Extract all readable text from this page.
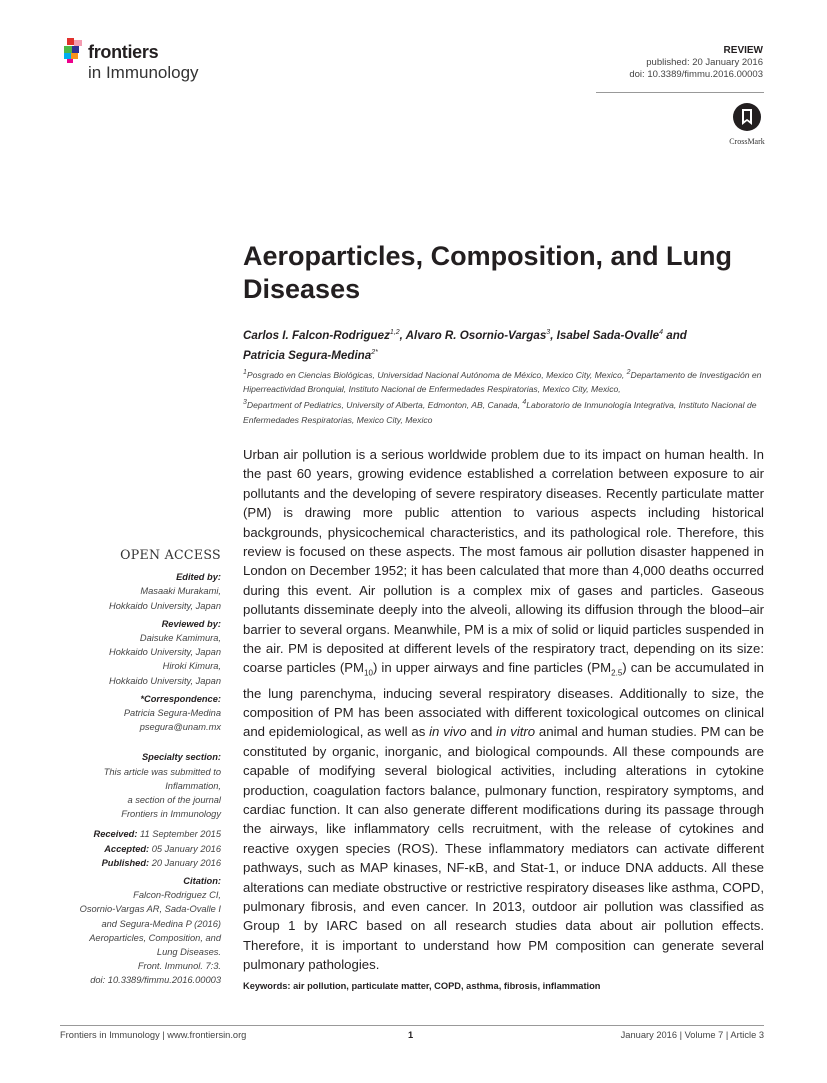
frontiers
in Immunology
REVIEW
published: 20 January 2016
doi: 10.3389/fimmu.2016.00003
CrossMark
Aeroparticles, Composition, and Lung Diseases
Carlos I. Falcon-Rodriguez$^{1,2}$, Alvaro R. Osornio-Vargas$^3$, Isabel Sada-Ovalle$^4$ and
Patricia Segura-Medina$^{2*}$
$^1$Posgrado en Ciencias Biológicas, Universidad Nacional Autónoma de México, Mexico City, Mexico, $^2$Departamento de Investigación en Hiperreactividad Bronquial, Instituto Nacional de Enfermedades Respiratorias, Mexico City, Mexico,
$^3$Department of Pediatrics, University of Alberta, Edmonton, AB, Canada, $^4$Laboratorio de Inmunología Integrativa, Instituto Nacional de Enfermedades Respiratorias, Mexico City, Mexico
Urban air pollution is a serious worldwide problem due to its impact on human health. In the past 60 years, growing evidence established a correlation between exposure to air pollutants and the developing of severe respiratory diseases. Recently particulate matter (PM) is drawing more public attention to various aspects including historical backgrounds, physicochemical characteristics, and its pathological role. Therefore, this review is focused on these aspects. The most famous air pollution disaster happened in London on December 1952; it has been calculated that more than 4,000 deaths occurred during this event. Air pollution is a complex mix of gases and particles. Gaseous pollutants disseminate deeply into the alveoli, allowing its diffusion through the blood–air barrier to several organs. Meanwhile, PM is a mix of solid or liquid particles suspended in the air. PM is deposited at different levels of the respiratory tract, depending on its size: coarse particles $(PM_{10})$ in upper airways and fine particles $(PM_{2.5})$ can be accumulated in the lung parenchyma, inducing several respiratory diseases. Additionally to size, the composition of PM has been associated with different toxicological outcomes on clinical and epidemiological, as well as in vivo and in vitro animal and human studies. PM can be constituted by organic, inorganic, and biological compounds. All these compounds are capable of modifying several biological activities, including alterations in cytokine production, coagulation factors balance, pulmonary function, respiratory symptoms, and cardiac function. It can also generate different modifications during its passage through the airways, like inflammatory cells recruitment, with the release of cytokines and reactive oxygen species (ROS). These inflammatory mediators can activate different pathways, such as MAP kinases, NF-κB, and Stat-1, or induce DNA adducts. All these alterations can mediate obstructive or restrictive respiratory diseases like asthma, COPD, pulmonary fibrosis, and even cancer. In 2013, outdoor air pollution was classified as Group 1 by IARC based on all research studies data about air pollution effects. Therefore, it is important to understand how PM composition can generate several pulmonary pathologies.
Keywords: air pollution, particulate matter, COPD, asthma, fibrosis, inflammation
OPEN ACCESS
Edited by:
Masaaki Murakami,
Hokkaido University, Japan
Reviewed by:
Daisuke Kamimura,
Hokkaido University, Japan
Hiroki Kimura,
Hokkaido University, Japan
*Correspondence:
Patricia Segura-Medina
psegura@unam.mx
Specialty section:
This article was submitted to
Inflammation,
a section of the journal
Frontiers in Immunology
Received: 11 September 2015
Accepted: 05 January 2016
Published: 20 January 2016
Citation:
Falcon-Rodriguez CI,
Osornio-Vargas AR, Sada-Ovalle I
and Segura-Medina P (2016)
Aeroparticles, Composition, and
Lung Diseases.
Front. Immunol. 7:3.
doi: 10.3389/fimmu.2016.00003
Frontiers in Immunology | www.frontiersin.org	1	January 2016 | Volume 7 | Article 3
